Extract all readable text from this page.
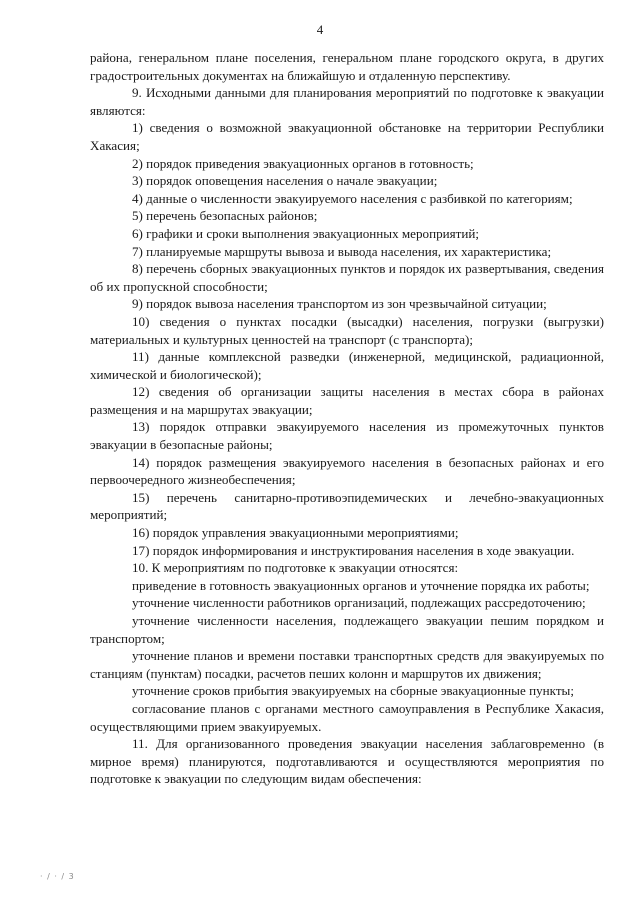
4

района, генеральном плане поселения, генеральном плане городского округа, в других градостроительных документах на ближайшую и отдаленную перспективу.

9. Исходными данными для планирования мероприятий по подготовке к эвакуации являются:

1) сведения о возможной эвакуационной обстановке на территории Республики Хакасия;

2) порядок приведения эвакуационных органов в готовность;

3) порядок оповещения населения о начале эвакуации;

4) данные о численности эвакуируемого населения с разбивкой по категориям;

5) перечень безопасных районов;

6) графики и сроки выполнения эвакуационных мероприятий;

7) планируемые маршруты вывоза и вывода населения, их характеристика;

8) перечень сборных эвакуационных пунктов и порядок их развертывания, сведения об их пропускной способности;

9) порядок вывоза населения транспортом из зон чрезвычайной ситуации;

10) сведения о пунктах посадки (высадки) населения, погрузки (выгрузки) материальных и культурных ценностей на транспорт (с транспорта);

11) данные комплексной разведки (инженерной, медицинской, радиационной, химической и биологической);

12) сведения об организации защиты населения в местах сбора в районах размещения и на маршрутах эвакуации;

13) порядок отправки эвакуируемого населения из промежуточных пунктов эвакуации в безопасные районы;

14) порядок размещения эвакуируемого населения в безопасных районах и его первоочередного жизнеобеспечения;

15) перечень санитарно-противоэпидемических и лечебно-эвакуационных мероприятий;

16) порядок управления эвакуационными мероприятиями;

17) порядок информирования и инструктирования населения в ходе эвакуации.

10. К мероприятиям по подготовке к эвакуации относятся:

приведение в готовность эвакуационных органов и уточнение порядка их работы;

уточнение численности работников организаций, подлежащих рассредоточению;

уточнение численности населения, подлежащего эвакуации пешим порядком и транспортом;

уточнение планов и времени поставки транспортных средств для эвакуируемых по станциям (пунктам) посадки, расчетов пеших колонн и маршрутов их движения;

уточнение сроков прибытия эвакуируемых на сборные эвакуационные пункты;

согласование планов с органами местного самоуправления в Республике Хакасия, осуществляющими прием эвакуируемых.

11. Для организованного проведения эвакуации населения заблаговременно (в мирное время) планируются, подготавливаются и осуществляются мероприятия по подготовке к эвакуации по следующим видам обеспечения:

· / · / 3
